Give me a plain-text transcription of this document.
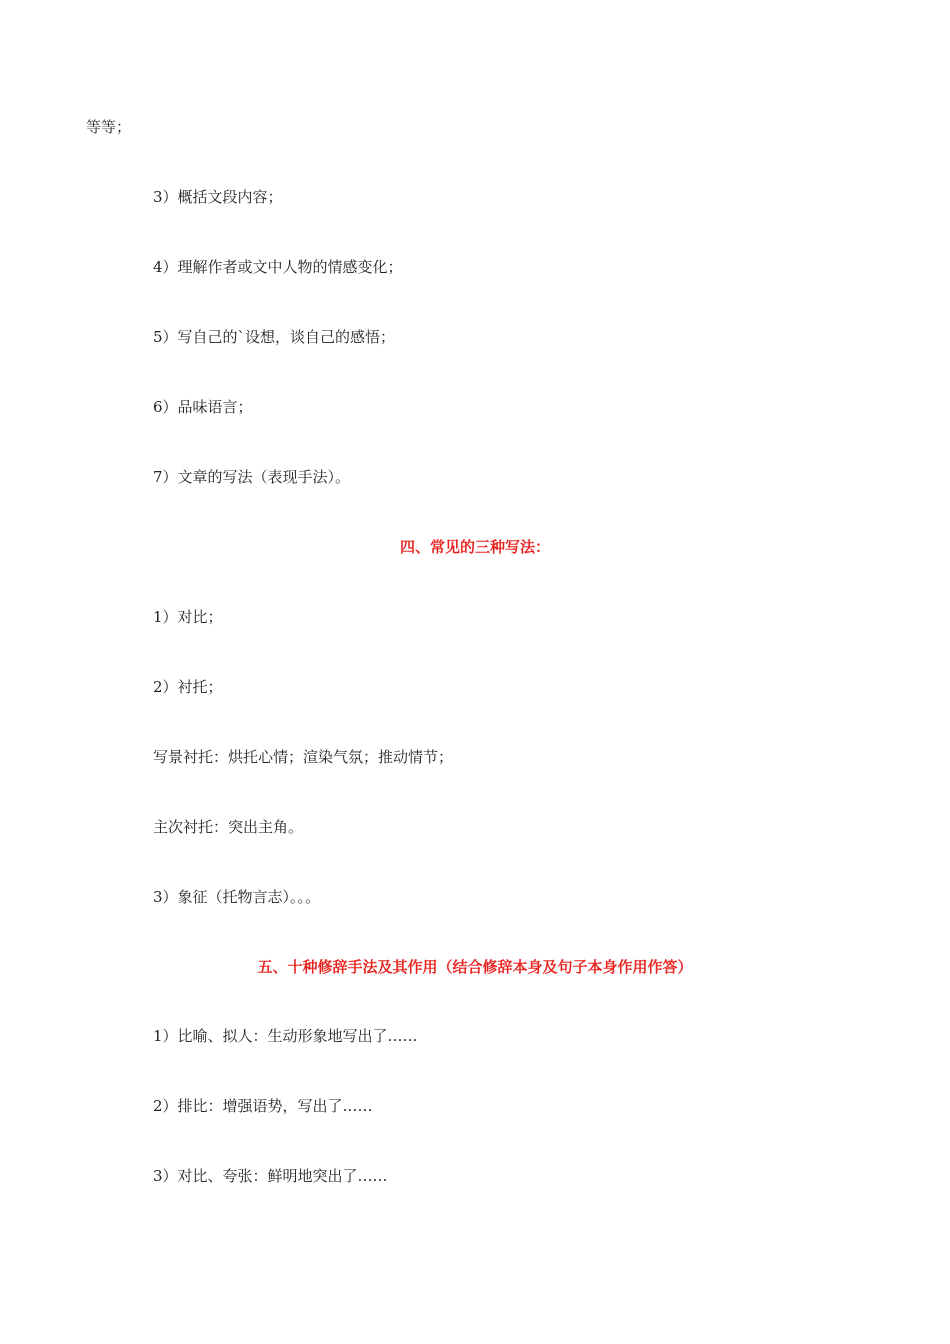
等等；
3）概括文段内容；
4）理解作者或文中人物的情感变化；
5）写自己的`设想，谈自己的感悟；
6）品味语言；
7）文章的写法（表现手法）。
四、常见的三种写法：
1）对比；
2）衬托；
写景衬托：烘托心情；渲染气氛；推动情节；
主次衬托：突出主角。
3）象征（托物言志）。。。
五、十种修辞手法及其作用（结合修辞本身及句子本身作用作答）
1）比喻、拟人：生动形象地写出了……
2）排比：增强语势，写出了……
3）对比、夸张：鲜明地突出了……
